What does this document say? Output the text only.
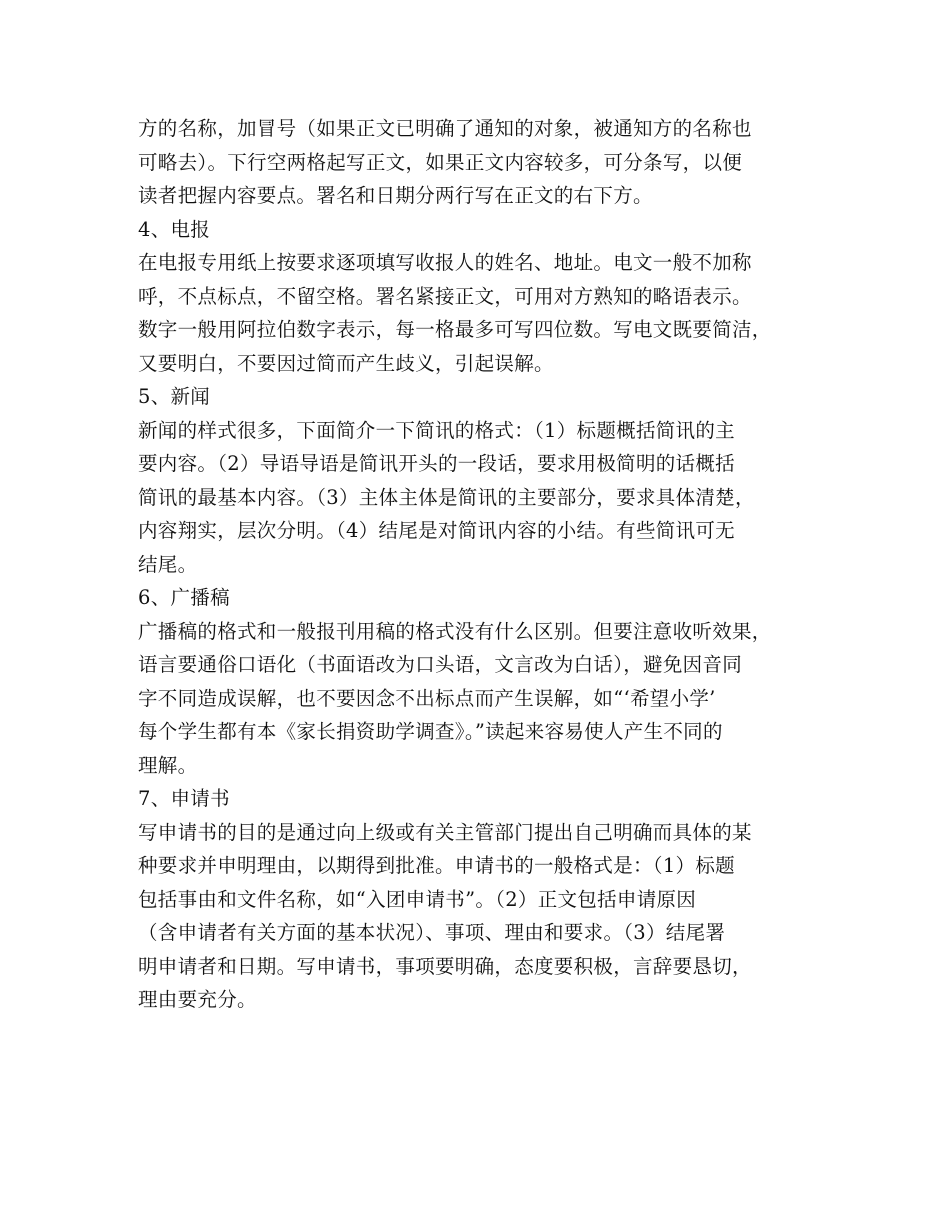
方的名称，加冒号（如果正文已明确了通知的对象，被通知方的名称也
可略去）。下行空两格起写正文，如果正文内容较多，可分条写，以便
读者把握内容要点。署名和日期分两行写在正文的右下方。
4、电报
在电报专用纸上按要求逐项填写收报人的姓名、地址。电文一般不加称
呼，不点标点，不留空格。署名紧接正文，可用对方熟知的略语表示。
数字一般用阿拉伯数字表示，每一格最多可写四位数。写电文既要简洁，
又要明白，不要因过简而产生歧义，引起误解。
5、新闻
新闻的样式很多，下面简介一下简讯的格式：（1）标题概括简讯的主
要内容。（2）导语导语是简讯开头的一段话，要求用极简明的话概括
简讯的最基本内容。（3）主体主体是简讯的主要部分，要求具体清楚，
内容翔实，层次分明。（4）结尾是对简讯内容的小结。有些简讯可无
结尾。
6、广播稿
广播稿的格式和一般报刊用稿的格式没有什么区别。但要注意收听效果，
语言要通俗口语化（书面语改为口头语，文言改为白话），避免因音同
字不同造成误解，也不要因念不出标点而产生误解，如“‘希望小学’
每个学生都有本《家长捐资助学调查》。”读起来容易使人产生不同的
理解。
7、申请书
写申请书的目的是通过向上级或有关主管部门提出自己明确而具体的某
种要求并申明理由，以期得到批准。申请书的一般格式是：（1）标题
包括事由和文件名称，如“入团申请书”。（2）正文包括申请原因
（含申请者有关方面的基本状况）、事项、理由和要求。（3）结尾署
明申请者和日期。写申请书，事项要明确，态度要积极，言辞要恳切，
理由要充分。
